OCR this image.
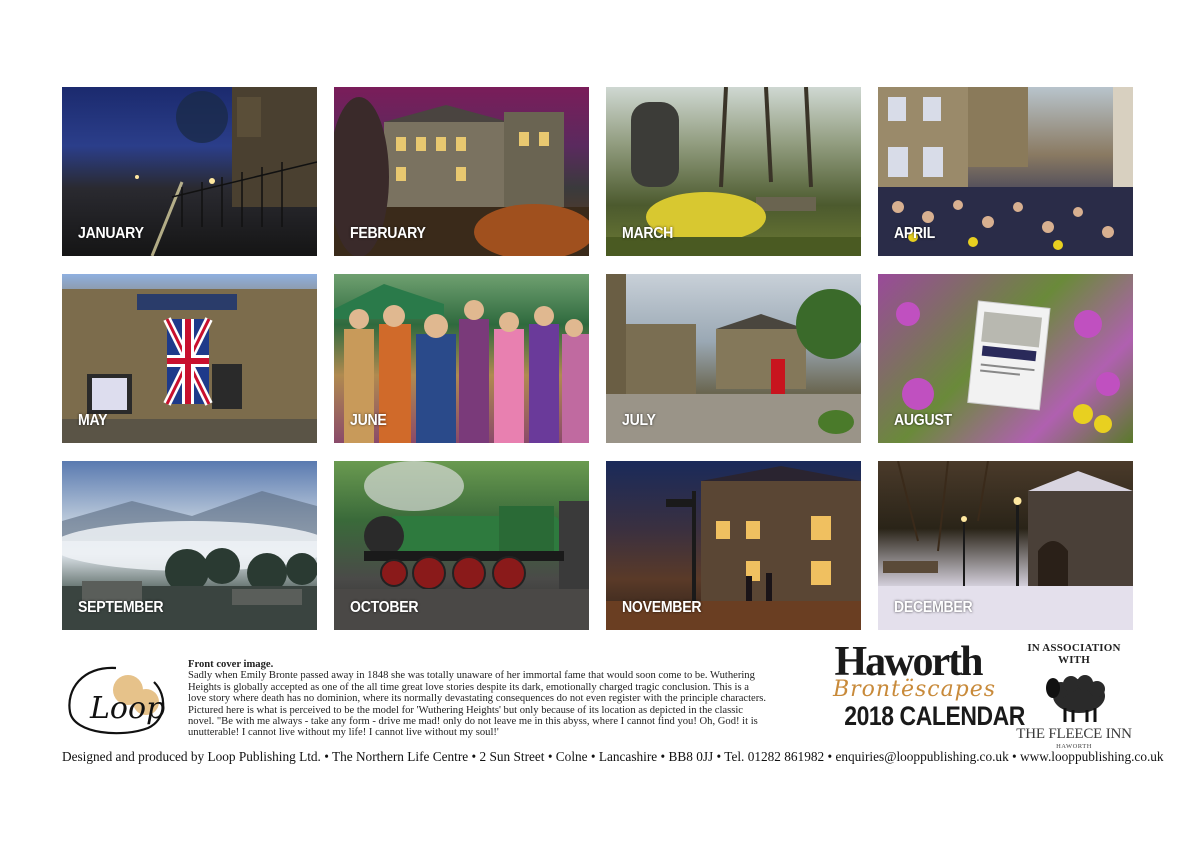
JANUARY	FEBRUARY	MARCH	APRIL
MAY	JUNE	JULY	AUGUST
SEPTEMBER	OCTOBER	NOVEMBER	DECEMBER
Loop
Front cover image.
Sadly when Emily Bronte passed away in 1848 she was totally unaware of her immortal fame that would soon come to be. Wuthering Heights is globally accepted as one of the all time great love stories despite its dark, emotionally charged tragic conclusion. This is a love story where death has no dominion, where its normally devastating consequences do not even register with the principle characters. Pictured here is what is perceived to be the model for 'Wuthering Heights' but only because of its location as depicted in the classic novel. "Be with me always - take any form - drive me mad! only do not leave me in this abyss, where I cannot find you! Oh, God! it is unutterable! I cannot live without my life! I cannot live without my soul!'
Haworth
Brontëscapes
2018 CALENDAR
IN ASSOCIATION WITH
THE FLEECE INN
HAWORTH
Designed and produced by Loop Publishing Ltd. • The Northern Life Centre • 2 Sun Street • Colne • Lancashire • BB8 0JJ • Tel. 01282 861982 • enquiries@looppublishing.co.uk • www.looppublishing.co.uk
